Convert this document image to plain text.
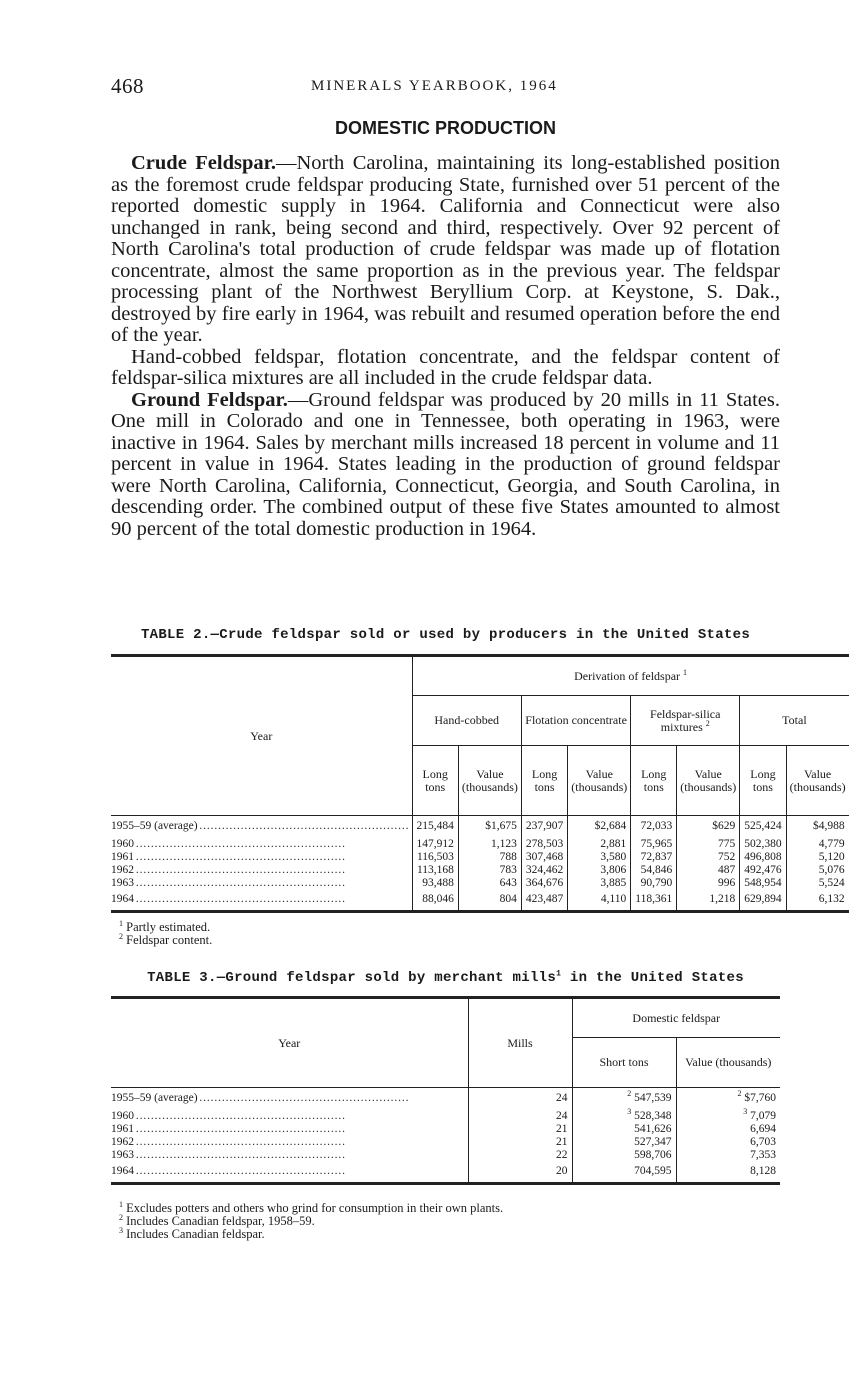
468	MINERALS YEARBOOK, 1964
DOMESTIC PRODUCTION

Crude Feldspar.—North Carolina, maintaining its long-established position as the foremost crude feldspar producing State, furnished over 51 percent of the reported domestic supply in 1964. California and Connecticut were also unchanged in rank, being second and third, respectively. Over 92 percent of North Carolina's total production of crude feldspar was made up of flotation concentrate, almost the same proportion as in the previous year. The feldspar processing plant of the Northwest Beryllium Corp. at Keystone, S. Dak., destroyed by fire early in 1964, was rebuilt and resumed operation before the end of the year.

Hand-cobbed feldspar, flotation concentrate, and the feldspar content of feldspar-silica mixtures are all included in the crude feldspar data.

Ground Feldspar.—Ground feldspar was produced by 20 mills in 11 States. One mill in Colorado and one in Tennessee, both operating in 1963, were inactive in 1964. Sales by merchant mills increased 18 percent in volume and 11 percent in value in 1964. States leading in the production of ground feldspar were North Carolina, California, Connecticut, Georgia, and South Carolina, in descending order. The combined output of these five States amounted to almost 90 percent of the total domestic production in 1964.

TABLE 2.—Crude feldspar sold or used by producers in the United States
Year	Derivation of feldspar $^1$
	Hand-cobbed		Flotation concentrate		Feldspar-silica mixtures $^2$		Total	
	Long tons	Value (thousands)	Long tons	Value (thousands)	Long tons	Value (thousands)	Long tons	Value (thousands)
1955–59 (average) . . .	215,484	$1,675	237,907	$2,684	72,033	$629	525,424	$4,988
1960 . . .	147,912	1,123	278,503	2,881	75,965	775	502,380	4,779
1961 . . .	116,503	788	307,468	3,580	72,837	752	496,808	5,120
1962 . . .	113,168	783	324,462	3,806	54,846	487	492,476	5,076
1963 . . .	93,488	643	364,676	3,885	90,790	996	548,954	5,524
1964 . . .	88,046	804	423,487	4,110	118,361	1,218	629,894	6,132
$^1$ Partly estimated.
$^2$ Feldspar content.
TABLE 3.—Ground feldspar sold by merchant mills$^1$ in the United States
Year	Mills	Domestic feldspar	
		Short tons	Value (thousands)
1955–59 (average) . . .	24	$^2$ 547,539	$^2$ $7,760
1960 . . .	24	$^3$ 528,348	$^3$ 7,079
1961 . . .	21	541,626	6,694
1962 . . .	21	527,347	6,703
1963 . . .	22	598,706	7,353
1964 . . .	20	704,595	8,128
$^1$ Excludes potters and others who grind for consumption in their own plants.
$^2$ Includes Canadian feldspar, 1958–59.
$^3$ Includes Canadian feldspar.
